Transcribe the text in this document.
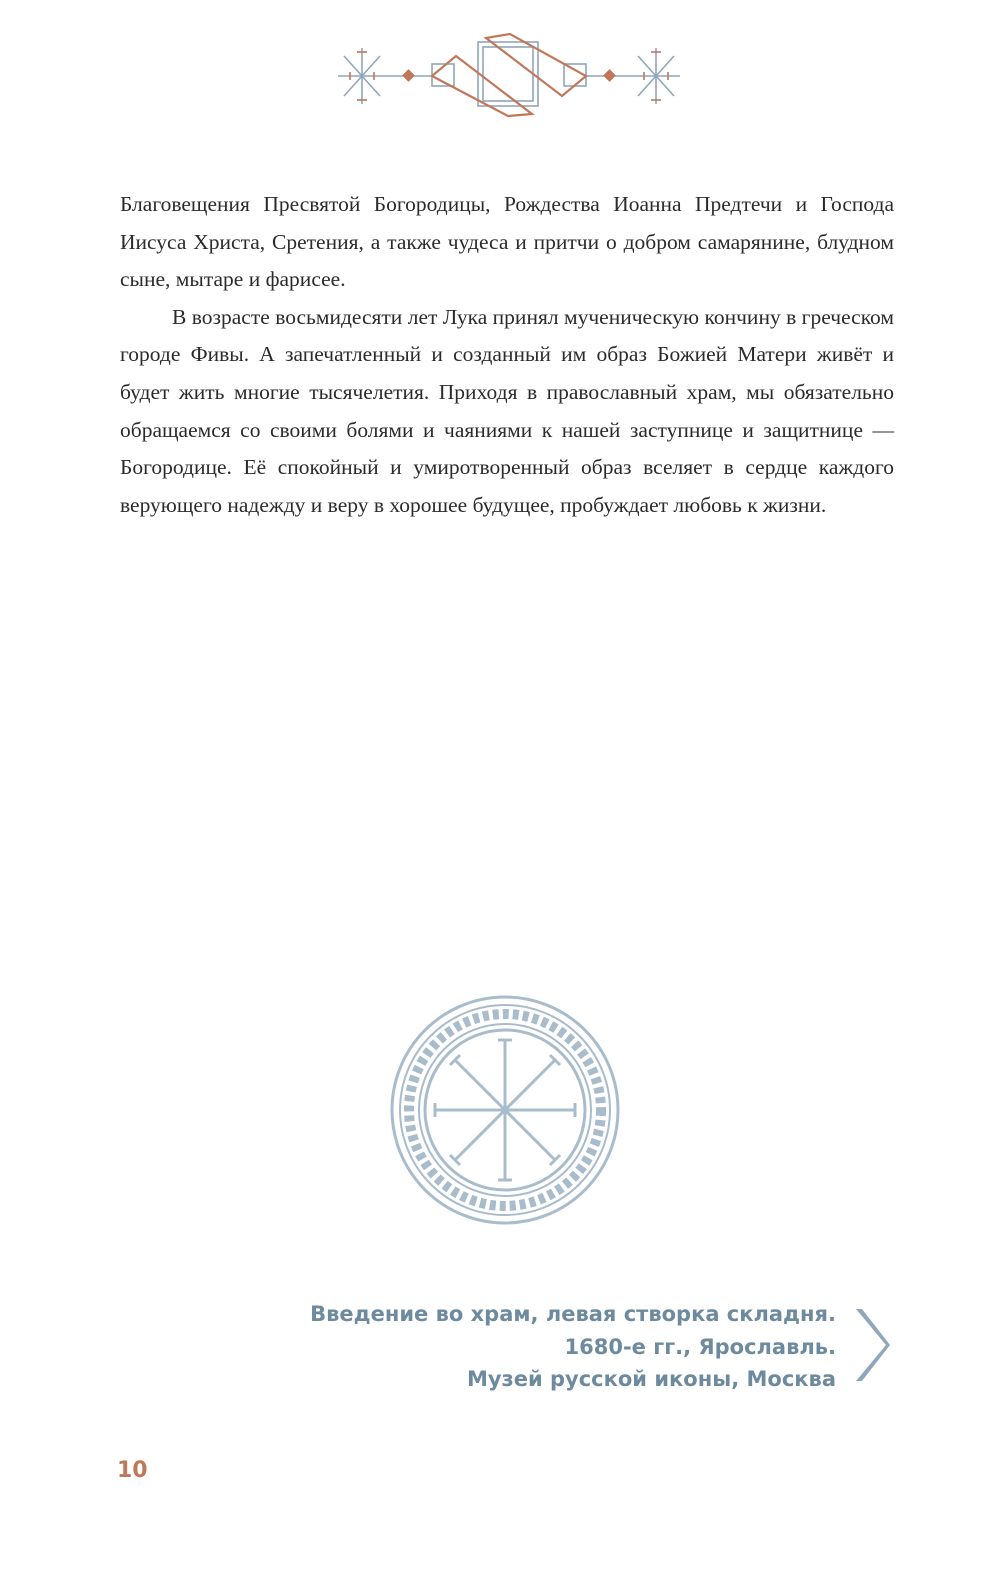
Благовещения Пресвятой Богородицы, Рождества Иоанна Предтечи и Господа Иисуса Христа, Сретения, а также чудеса и притчи о добром самарянине, блудном сыне, мытаре и фарисее.

В возрасте восьмидесяти лет Лука принял мученическую кончину в греческом городе Фивы. А запечатленный и созданный им образ Божией Матери живёт и будет жить многие тысячелетия. Приходя в православный храм, мы обязательно обращаемся со своими болями и чаяниями к нашей заступнице и защитнице — Богородице. Её спокойный и умиротворенный образ вселяет в сердце каждого верующего надежду и веру в хорошее будущее, пробуждает любовь к жизни.

Введение во храм, левая створка складня.
1680-е гг., Ярославль.
Музей русской иконы, Москва
10
